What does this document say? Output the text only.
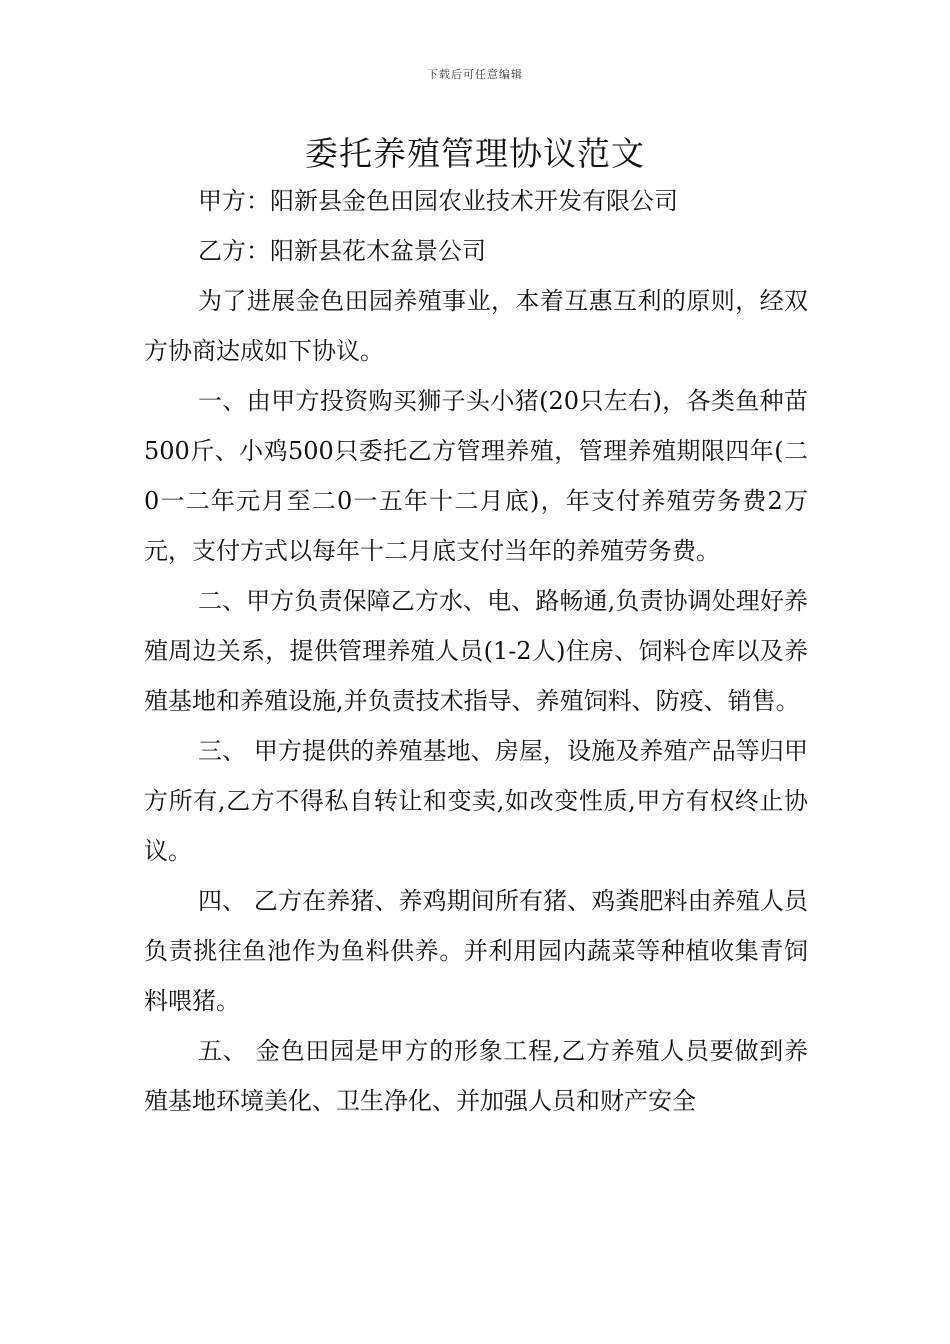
下载后可任意编辑
委托养殖管理协议范文

甲方：阳新县金色田园农业技术开发有限公司

乙方：阳新县花木盆景公司

为了进展金色田园养殖事业，本着互惠互利的原则，经双方协商达成如下协议。

一、由甲方投资购买狮子头小猪(20只左右)，各类鱼种苗500斤、小鸡500只委托乙方管理养殖，管理养殖期限四年(二0一二年元月至二0一五年十二月底)，年支付养殖劳务费2万元，支付方式以每年十二月底支付当年的养殖劳务费。

二、甲方负责保障乙方水、电、路畅通,负责协调处理好养殖周边关系，提供管理养殖人员(1-2人)住房、饲料仓库以及养殖基地和养殖设施,并负责技术指导、养殖饲料、防疫、销售。

三、 甲方提供的养殖基地、房屋，设施及养殖产品等归甲方所有,乙方不得私自转让和变卖,如改变性质,甲方有权终止协议。

四、 乙方在养猪、养鸡期间所有猪、鸡粪肥料由养殖人员负责挑往鱼池作为鱼料供养。并利用园内蔬菜等种植收集青饲料喂猪。

五、 金色田园是甲方的形象工程,乙方养殖人员要做到养殖基地环境美化、卫生净化、并加强人员和财产安全
